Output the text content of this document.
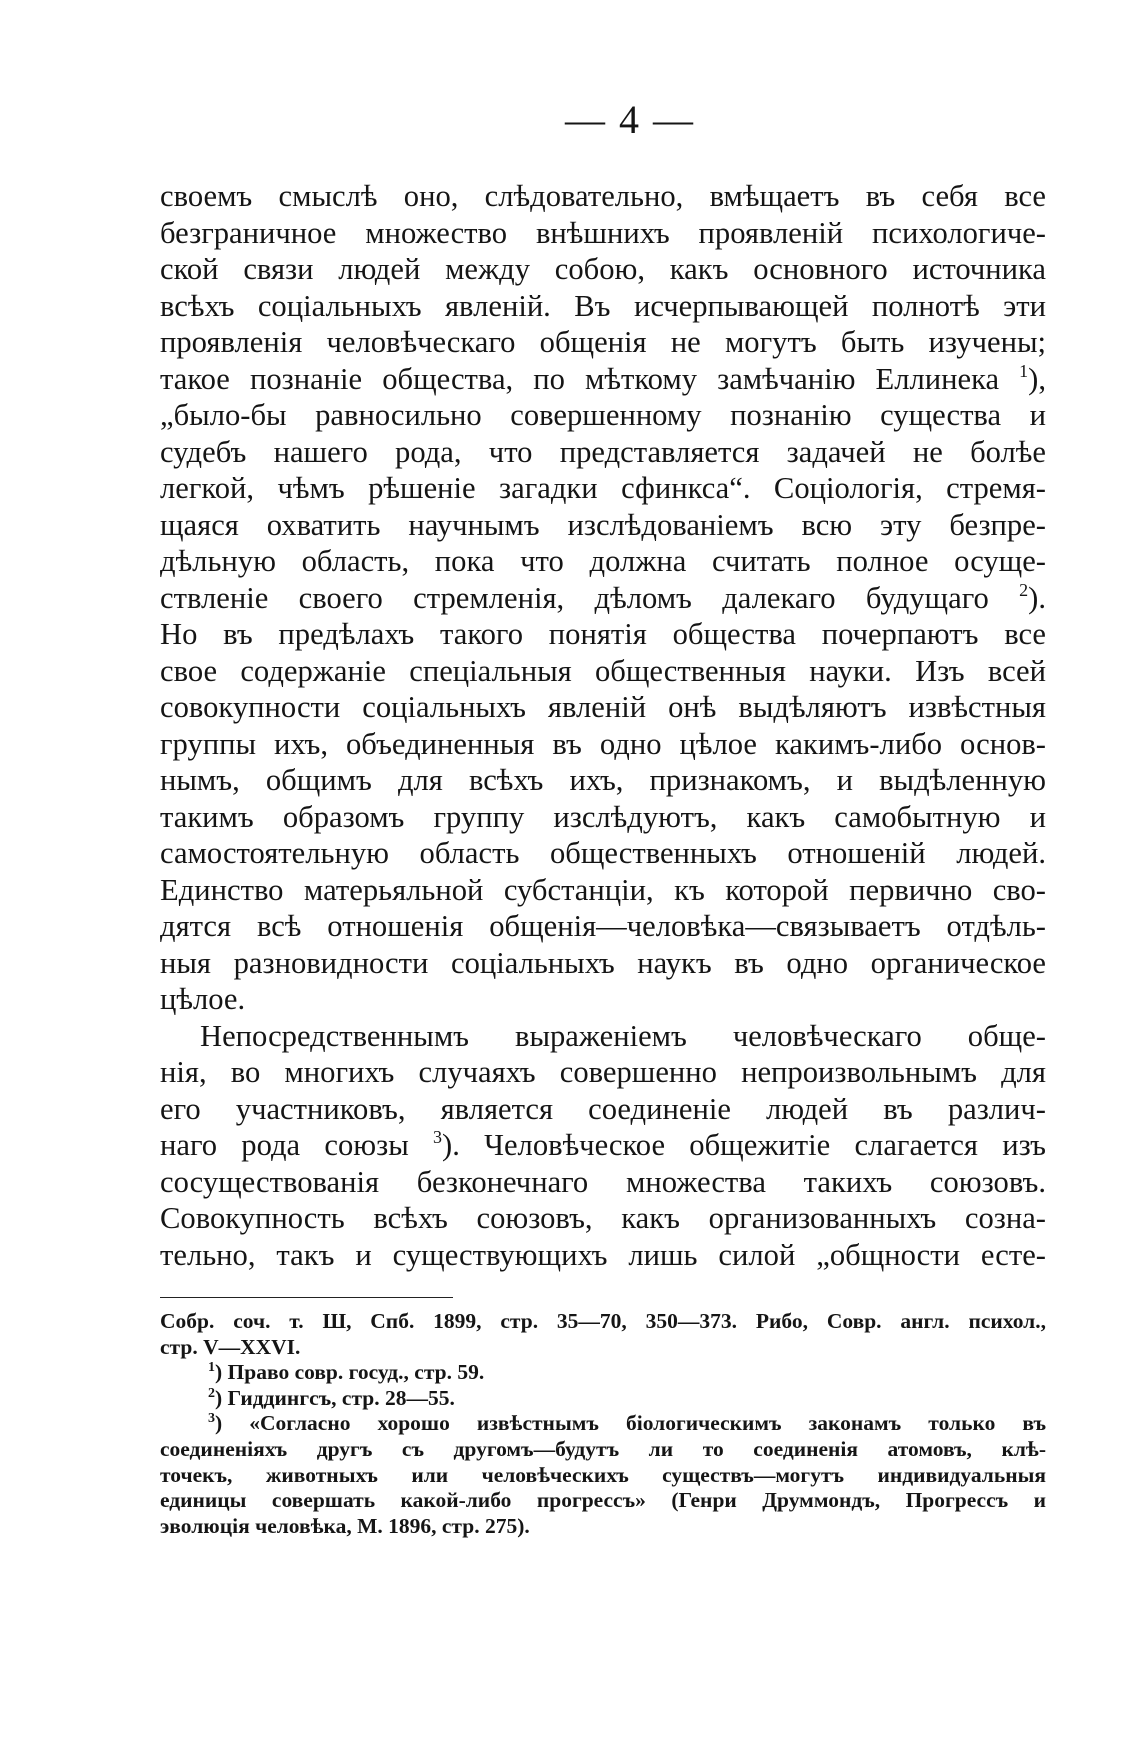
— 4 —
своемъ смыслѣ оно, слѣдовательно, вмѣщаетъ въ себя все
безграничное множество внѣшнихъ проявленій психологиче-
ской связи людей между собою, какъ основного источника
всѣхъ соціальныхъ явленій. Въ исчерпывающей полнотѣ эти
проявленія человѣческаго общенія не могутъ быть изучены;
такое познаніе общества, по мѣткому замѣчанію Еллинека $^1$),
„было-бы равносильно совершенному познанію существа и
судебъ нашего рода, что представляется задачей не болѣе
легкой, чѣмъ рѣшеніе загадки сфинкса“. Соціологія, стремя-
щаяся охватить научнымъ изслѣдованіемъ всю эту безпре-
дѣльную область, пока что должна считать полное осуще-
ствленіе своего стремленія, дѣломъ далекаго будущаго $^2$).
Но въ предѣлахъ такого понятія общества почерпаютъ все
свое содержаніе спеціальныя общественныя науки. Изъ всей
совокупности соціальныхъ явленій онѣ выдѣляютъ извѣстныя
группы ихъ, объединенныя въ одно цѣлое какимъ-либо основ-
нымъ, общимъ для всѣхъ ихъ, признакомъ, и выдѣленную
такимъ образомъ группу изслѣдуютъ, какъ самобытную и
самостоятельную область общественныхъ отношеній людей.
Единство матерьяльной субстанціи, къ которой первично сво-
дятся всѣ отношенія общенія—человѣка—связываетъ отдѣль-
ныя разновидности соціальныхъ наукъ въ одно органическое
цѣлое.
Непосредственнымъ выраженіемъ человѣческаго обще-
нія, во многихъ случаяхъ совершенно непроизвольнымъ для
его участниковъ, является соединеніе людей въ различ-
наго рода союзы $^3$). Человѣческое общежитіе слагается изъ
сосуществованія безконечнаго множества такихъ союзовъ.
Совокупность всѣхъ союзовъ, какъ организованныхъ созна-
тельно, такъ и существующихъ лишь силой „общности есте-
Собр. соч. т. Ш, Спб. 1899, стр. 35—70, 350—373. Рибо, Совр. англ. психол.,
стр. V—XXVI.
$^1$) Право совр. госуд., стр. 59.
$^2$) Гиддингсъ, стр. 28—55.
$^3$) «Согласно хорошо извѣстнымъ біологическимъ законамъ только въ
соединеніяхъ другъ съ другомъ—будутъ ли то соединенія атомовъ, клѣ-
точекъ, животныхъ или человѣческихъ существъ—могутъ индивидуальныя
единицы совершать какой-либо прогрессъ» (Генри Друммондъ, Прогрессъ и
эволюція человѣка, М. 1896, стр. 275).
